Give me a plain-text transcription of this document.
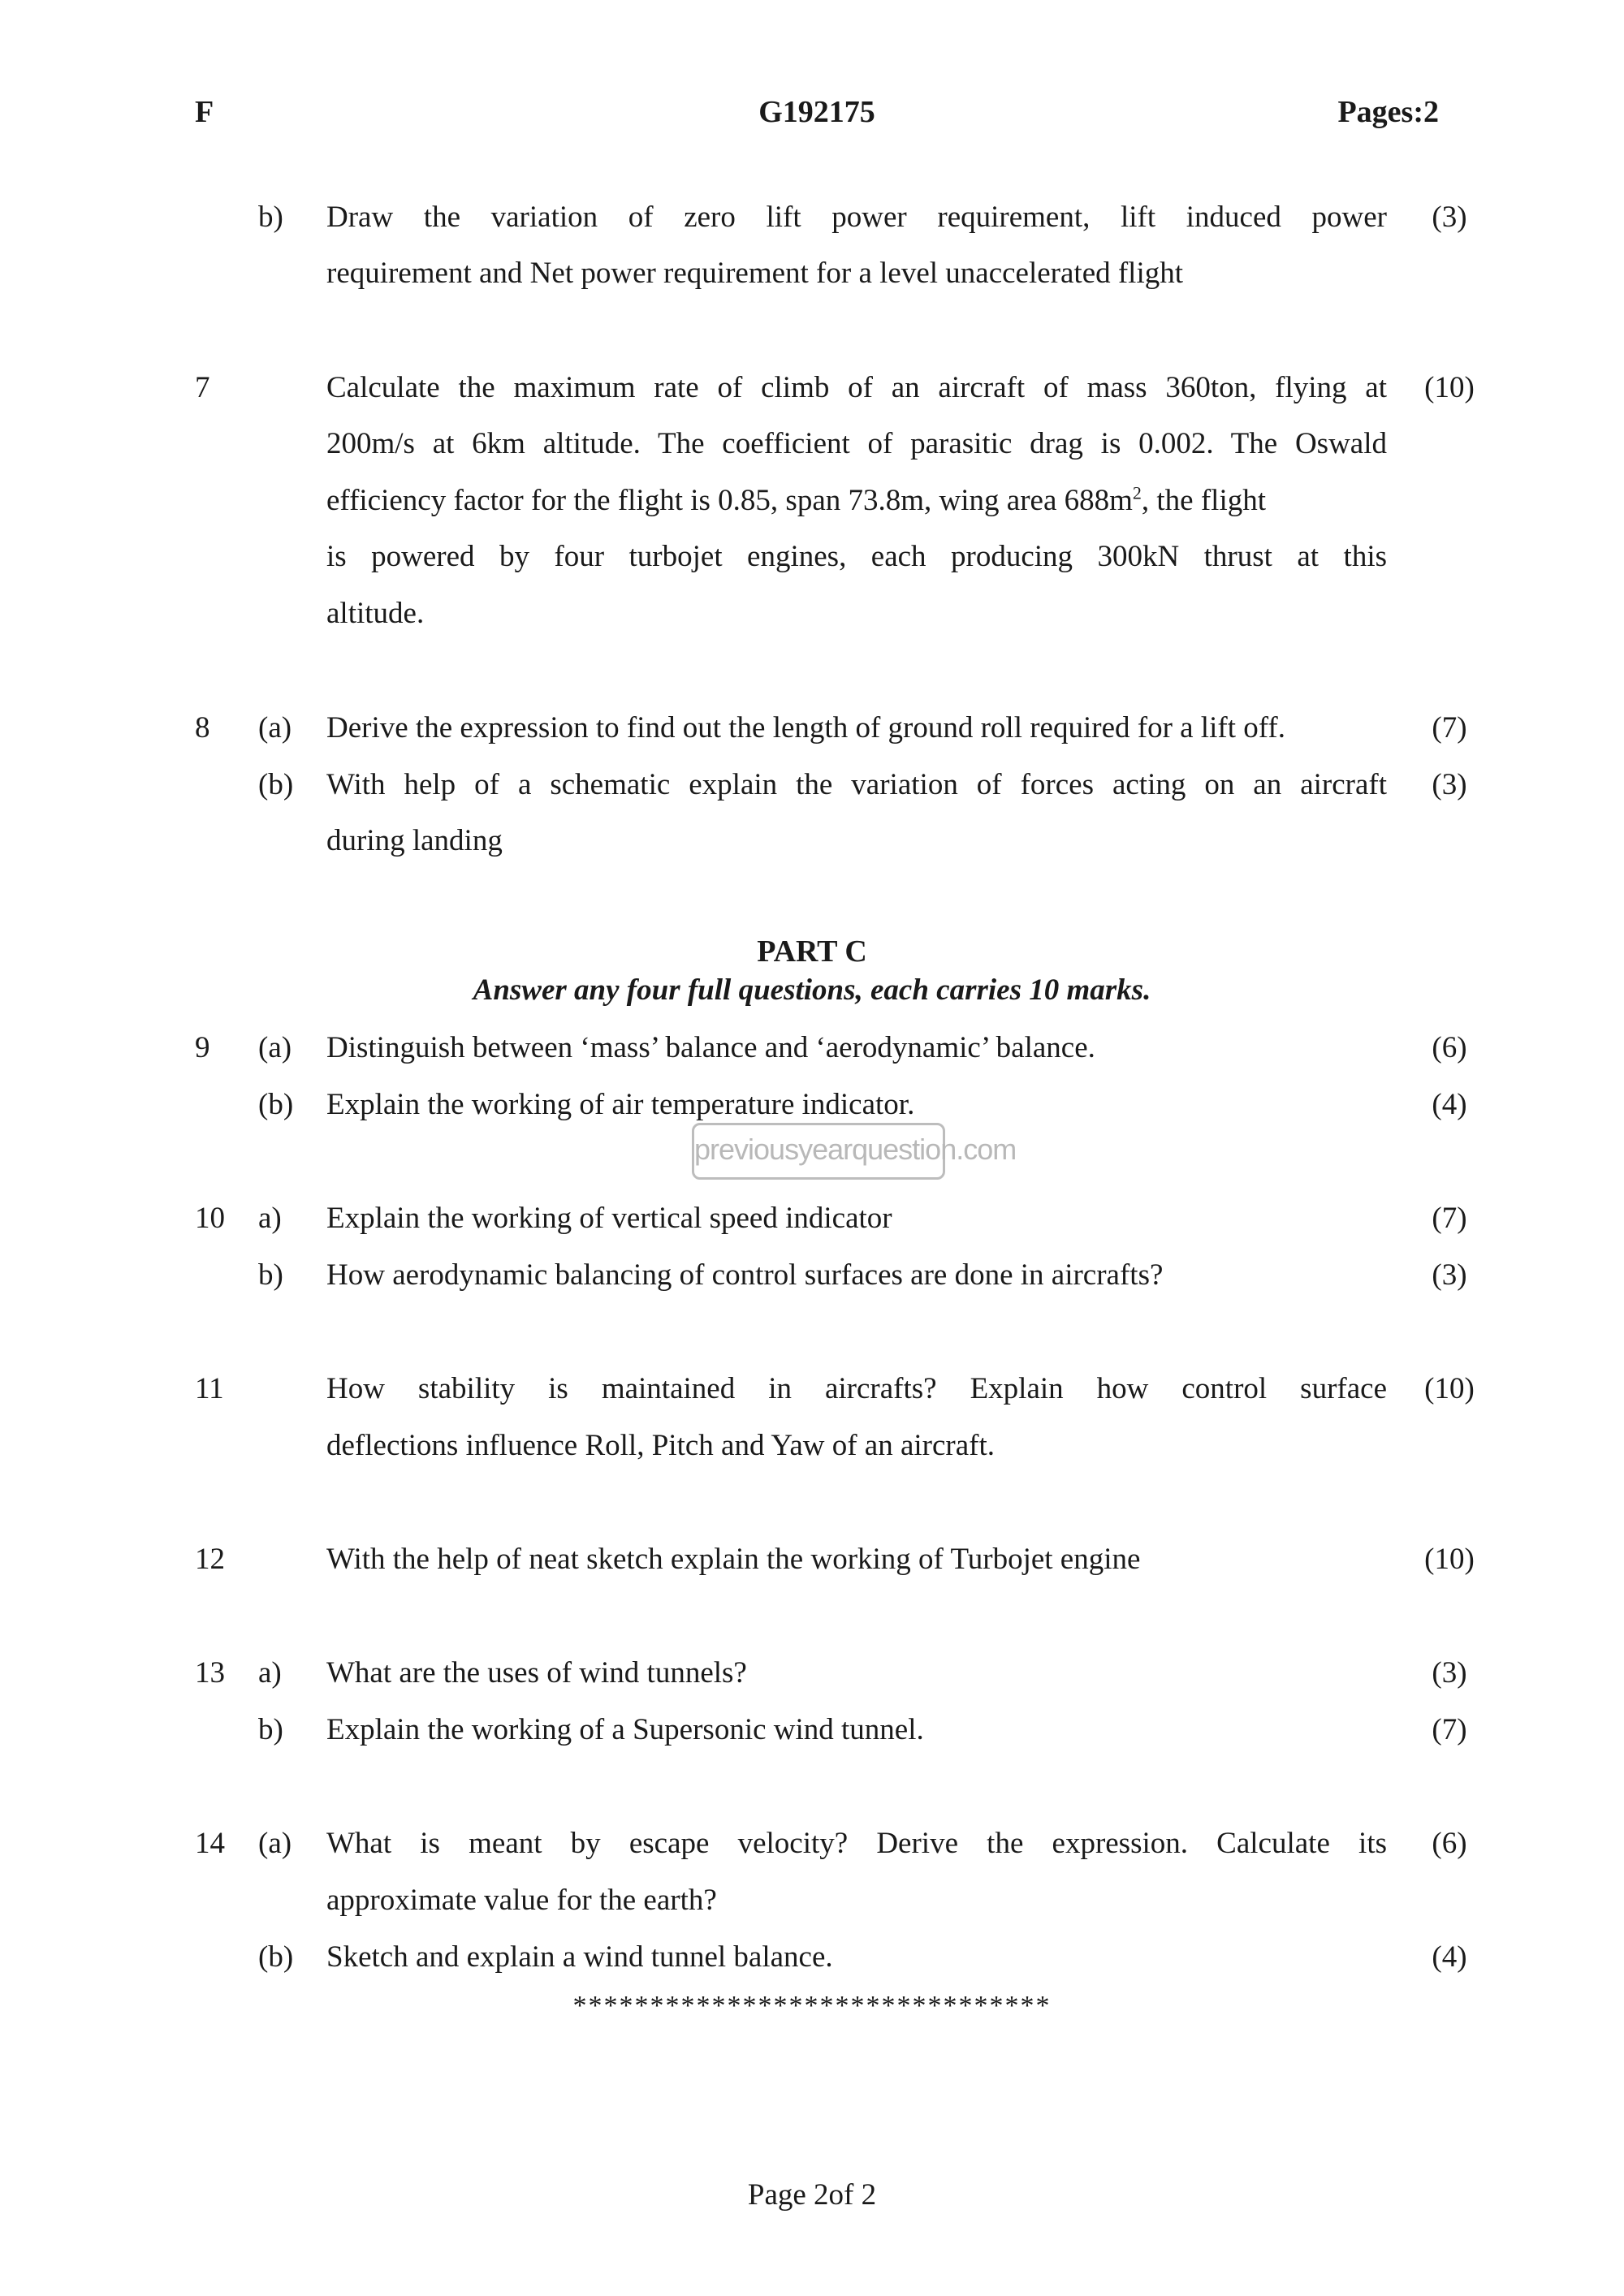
F	G192175	Pages:2
b)	Draw the variation of zero lift power requirement, lift induced power	(3)
requirement and Net power requirement for a level unaccelerated flight
7	Calculate the maximum rate of climb of an aircraft of mass 360ton, flying at	(10)
200m/s at 6km altitude. The coefficient of parasitic drag is 0.002. The Oswald
efficiency factor for the flight is 0.85, span 73.8m, wing area $688m^2$, the flight
is powered by four turbojet engines, each producing 300kN thrust at this
altitude.
8	(a)	Derive the expression to find out the length of ground roll required for a lift off.	(7)
(b)	With help of a schematic explain the variation of forces acting on an aircraft	(3)
during landing
PART C
Answer any four full questions, each carries 10 marks.
9	(a)	Distinguish between ‘mass’ balance and ‘aerodynamic’ balance.	(6)
(b)	Explain the working of air temperature indicator.	(4)
previousyearquestion.com
10	a)	Explain the working of vertical speed indicator	(7)
b)	How aerodynamic balancing of control surfaces are done in aircrafts?	(3)
11	How stability is maintained in aircrafts? Explain how control surface	(10)
deflections influence Roll, Pitch and Yaw of an aircraft.
12	With the help of neat sketch explain the working of Turbojet engine	(10)
13	a)	What are the uses of wind tunnels?	(3)
b)	Explain the working of a Supersonic wind tunnel.	(7)
14	(a)	What is meant by escape velocity? Derive the expression. Calculate its	(6)
approximate value for the earth?
(b)	Sketch and explain a wind tunnel balance.	(4)
*******************************
Page 2of 2
